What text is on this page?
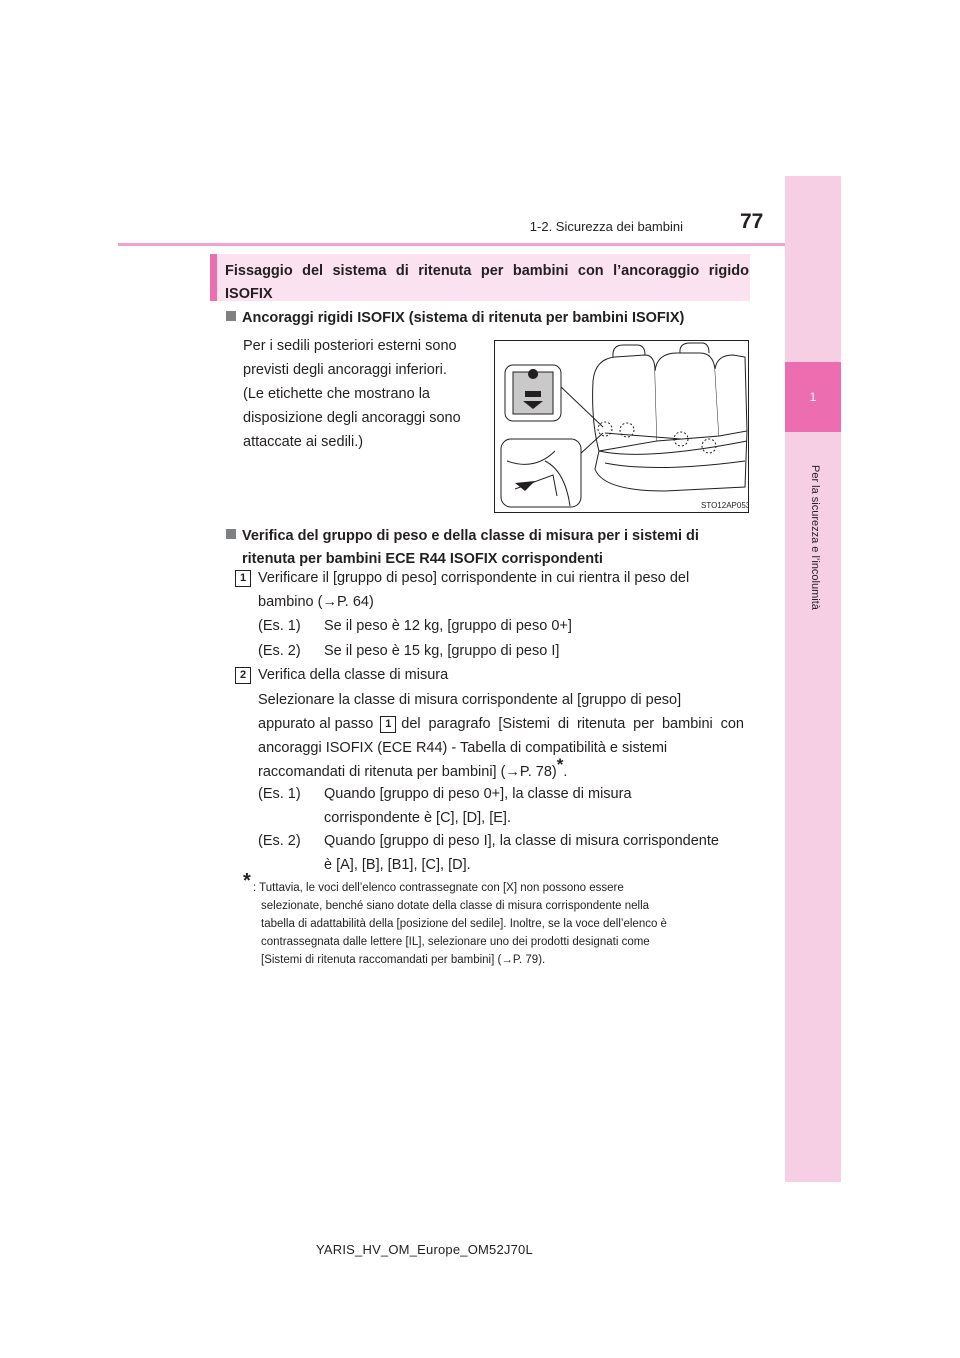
1-2. Sicurezza dei bambini	77
1
Per la sicurezza e l’incolumità

Fissaggio del sistema di ritenuta per bambini con l’ancoraggio rigido ISOFIX

Ancoraggi rigidi ISOFIX (sistema di ritenuta per bambini ISOFIX)
Per i sedili posteriori esterni sono
previsti degli ancoraggi inferiori.
(Le etichette che mostrano la
disposizione degli ancoraggi sono
attaccate ai sedili.)
STO12AP053
Verifica del gruppo di peso e della classe di misura per i sistemi di
ritenuta per bambini ECE R44 ISOFIX corrispondenti
1 Verificare il [gruppo di peso] corrispondente in cui rientra il peso del
bambino (→P. 64)
(Es. 1) Se il peso è 12 kg, [gruppo di peso 0+]
(Es. 2) Se il peso è 15 kg, [gruppo di peso I]
2 Verifica della classe di misura
Selezionare la classe di misura corrispondente al [gruppo di peso]
appurato al passo	1 del paragrafo [Sistemi di ritenuta per bambini con
ancoraggi ISOFIX (ECE R44) - Tabella di compatibilità e sistemi
raccomandati di ritenuta per bambini] (→P. 78)*.
(Es. 1) Quando [gruppo di peso 0+], la classe di misura
corrispondente è [C], [D], [E].
(Es. 2) Quando [gruppo di peso I], la classe di misura corrispondente
è [A], [B], [B1], [C], [D].
* : Tuttavia, le voci dell’elenco contrassegnate con [X] non possono essere
selezionate, benché siano dotate della classe di misura corrispondente nella
tabella di adattabilità della [posizione del sedile]. Inoltre, se la voce dell’elenco è
contrassegnata dalle lettere [IL], selezionare uno dei prodotti designati come
[Sistemi di ritenuta raccomandati per bambini] (→P. 79).
YARIS_HV_OM_Europe_OM52J70L
